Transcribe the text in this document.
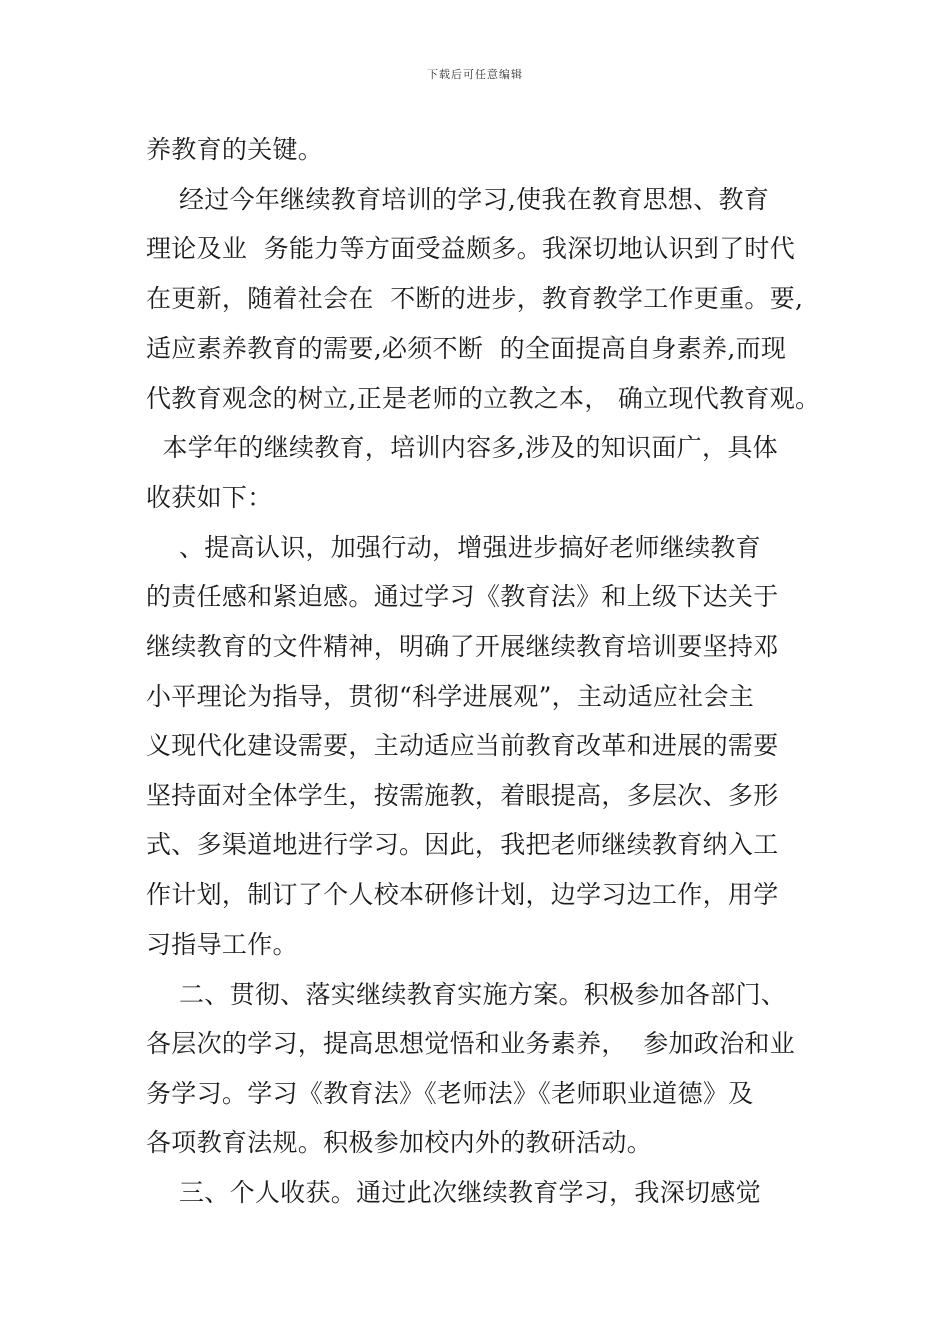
下载后可任意编辑
养教育的关键。
经过今年继续教育培训的学习,使我在教育思想、教育
理论及业  务能力等方面受益颇多。我深切地认识到了时代
在更新，随着社会在  不断的进步，教育教学工作更重。要,
适应素养教育的需要,必须不断  的全面提高自身素养,而现
代教育观念的树立,正是老师的立教之本， 确立现代教育观。
本学年的继续教育，培训内容多,涉及的知识面广，具体
收获如下：
、提高认识，加强行动，增强进步搞好老师继续教育
的责任感和紧迫感。通过学习《教育法》和上级下达关于
继续教育的文件精神，明确了开展继续教育培训要坚持邓
小平理论为指导，贯彻“科学进展观”，主动适应社会主
义现代化建设需要，主动适应当前教育改革和进展的需要
坚持面对全体学生，按需施教，着眼提高，多层次、多形
式、多渠道地进行学习。因此，我把老师继续教育纳入工
作计划，制订了个人校本研修计划，边学习边工作，用学
习指导工作。
二、贯彻、落实继续教育实施方案。积极参加各部门、
各层次的学习，提高思想觉悟和业务素养，  参加政治和业
务学习。学习《教育法》《老师法》《老师职业道德》及
各项教育法规。积极参加校内外的教研活动。
三、个人收获。通过此次继续教育学习，我深切感觉
